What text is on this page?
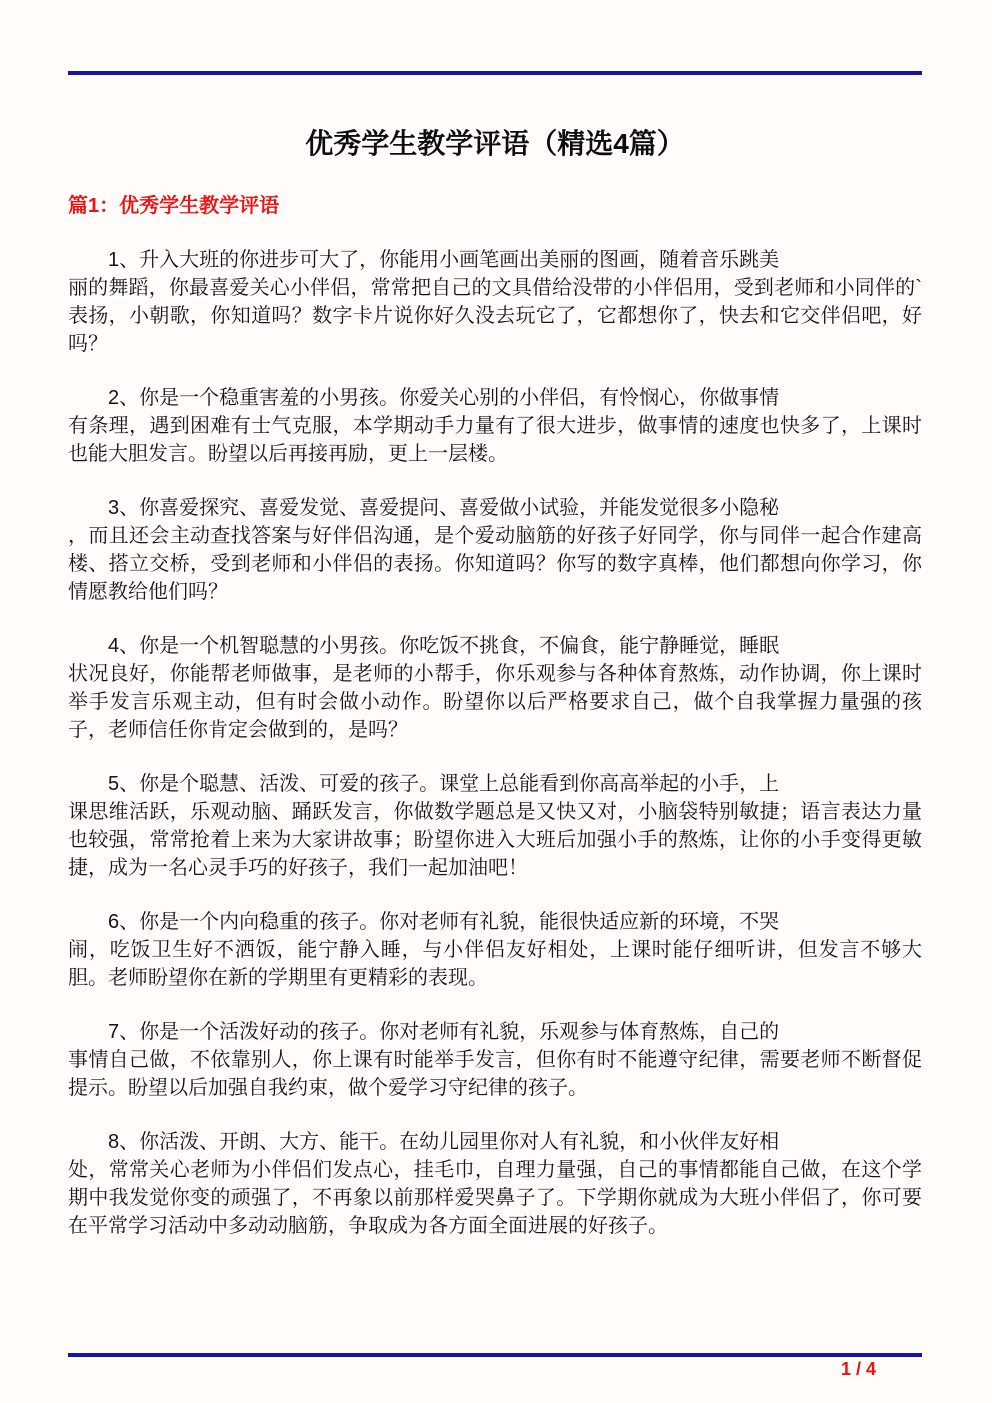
优秀学生教学评语（精选4篇）
篇1：优秀学生教学评语

1、升入大班的你进步可大了，你能用小画笔画出美丽的图画，随着音乐跳美
丽的舞蹈，你最喜爱关心小伴侣，常常把自己的文具借给没带的小伴侣用，受到老师和小同伴的`表扬，小朝歌，你知道吗？数字卡片说你好久没去玩它了，它都想你了，快去和它交伴侣吧，好吗？

2、你是一个稳重害羞的小男孩。你爱关心别的小伴侣，有怜悯心，你做事情
有条理，遇到困难有士气克服，本学期动手力量有了很大进步，做事情的速度也快多了，上课时也能大胆发言。盼望以后再接再励，更上一层楼。

3、你喜爱探究、喜爱发觉、喜爱提问、喜爱做小试验，并能发觉很多小隐秘
，而且还会主动查找答案与好伴侣沟通，是个爱动脑筋的好孩子好同学，你与同伴一起合作建高楼、搭立交桥，受到老师和小伴侣的表扬。你知道吗？你写的数字真棒，他们都想向你学习，你情愿教给他们吗？

4、你是一个机智聪慧的小男孩。你吃饭不挑食，不偏食，能宁静睡觉，睡眠
状况良好，你能帮老师做事，是老师的小帮手，你乐观参与各种体育熬炼，动作协调，你上课时举手发言乐观主动，但有时会做小动作。盼望你以后严格要求自己，做个自我掌握力量强的孩子，老师信任你肯定会做到的，是吗？

5、你是个聪慧、活泼、可爱的孩子。课堂上总能看到你高高举起的小手，上
课思维活跃，乐观动脑、踊跃发言，你做数学题总是又快又对，小脑袋特别敏捷；语言表达力量也较强，常常抢着上来为大家讲故事；盼望你进入大班后加强小手的熬炼，让你的小手变得更敏捷，成为一名心灵手巧的好孩子，我们一起加油吧！

6、你是一个内向稳重的孩子。你对老师有礼貌，能很快适应新的环境，不哭
闹，吃饭卫生好不洒饭，能宁静入睡，与小伴侣友好相处，上课时能仔细听讲，但发言不够大胆。老师盼望你在新的学期里有更精彩的表现。

7、你是一个活泼好动的孩子。你对老师有礼貌，乐观参与体育熬炼，自己的
事情自己做，不依靠别人，你上课有时能举手发言，但你有时不能遵守纪律，需要老师不断督促提示。盼望以后加强自我约束，做个爱学习守纪律的孩子。

8、你活泼、开朗、大方、能干。在幼儿园里你对人有礼貌，和小伙伴友好相
处，常常关心老师为小伴侣们发点心，挂毛巾，自理力量强，自己的事情都能自己做，在这个学期中我发觉你变的顽强了，不再象以前那样爱哭鼻子了。下学期你就成为大班小伴侣了，你可要在平常学习活动中多动动脑筋，争取成为各方面全面进展的好孩子。

1 / 4
